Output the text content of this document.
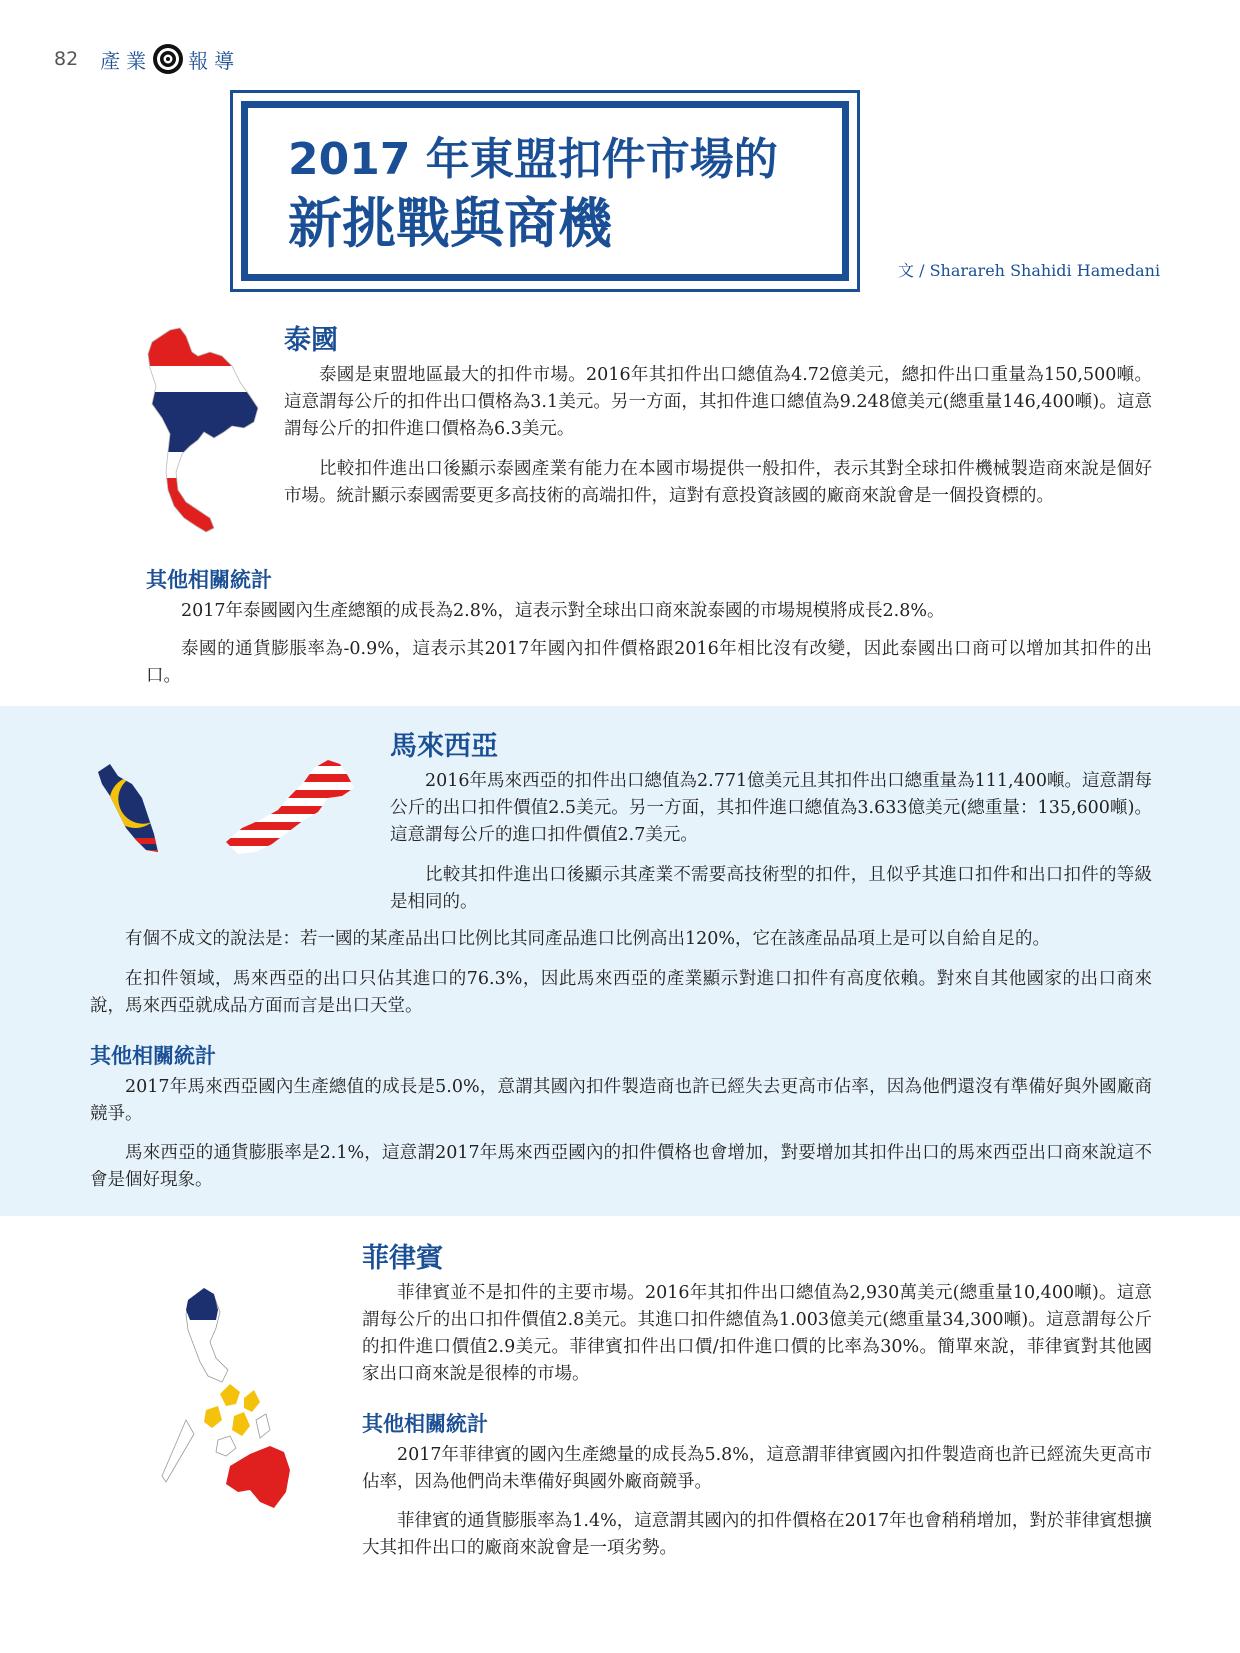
82 產業 報導
2017 年東盟扣件市場的
新挑戰與商機
文 / Sharareh Shahidi Hamedani
泰國

泰國是東盟地區最大的扣件市場。2016年其扣件出口總值為4.72億美元，總扣件出口重量為150,500噸。這意謂每公斤的扣件出口價格為3.1美元。另一方面，其扣件進口總值為9.248億美元(總重量146,400噸)。這意謂每公斤的扣件進口價格為6.3美元。

比較扣件進出口後顯示泰國產業有能力在本國市場提供一般扣件，表示其對全球扣件機械製造商來說是個好市場。統計顯示泰國需要更多高技術的高端扣件，這對有意投資該國的廠商來說會是一個投資標的。

其他相關統計

2017年泰國國內生產總額的成長為2.8%，這表示對全球出口商來說泰國的市場規模將成長2.8%。

泰國的通貨膨脹率為-0.9%，這表示其2017年國內扣件價格跟2016年相比沒有改變，因此泰國出口商可以增加其扣件的出口。

馬來西亞

2016年馬來西亞的扣件出口總值為2.771億美元且其扣件出口總重量為111,400噸。這意謂每公斤的出口扣件價值2.5美元。另一方面，其扣件進口總值為3.633億美元(總重量：135,600噸)。這意謂每公斤的進口扣件價值2.7美元。

比較其扣件進出口後顯示其產業不需要高技術型的扣件，且似乎其進口扣件和出口扣件的等級是相同的。

有個不成文的說法是：若一國的某產品出口比例比其同產品進口比例高出120%，它在該產品品項上是可以自給自足的。

在扣件領域，馬來西亞的出口只佔其進口的76.3%，因此馬來西亞的產業顯示對進口扣件有高度依賴。對來自其他國家的出口商來說，馬來西亞就成品方面而言是出口天堂。

其他相關統計

2017年馬來西亞國內生產總值的成長是5.0%，意謂其國內扣件製造商也許已經失去更高市佔率，因為他們還沒有準備好與外國廠商競爭。

馬來西亞的通貨膨脹率是2.1%，這意謂2017年馬來西亞國內的扣件價格也會增加，對要增加其扣件出口的馬來西亞出口商來說這不會是個好現象。

菲律賓

菲律賓並不是扣件的主要市場。2016年其扣件出口總值為2,930萬美元(總重量10,400噸)。這意謂每公斤的出口扣件價值2.8美元。其進口扣件總值為1.003億美元(總重量34,300噸)。這意謂每公斤的扣件進口價值2.9美元。菲律賓扣件出口價/扣件進口價的比率為30%。簡單來說，菲律賓對其他國家出口商來說是很棒的市場。

其他相關統計

2017年菲律賓的國內生產總量的成長為5.8%，這意謂菲律賓國內扣件製造商也許已經流失更高市佔率，因為他們尚未準備好與國外廠商競爭。

菲律賓的通貨膨脹率為1.4%，這意謂其國內的扣件價格在2017年也會稍稍增加，對於菲律賓想擴大其扣件出口的廠商來說會是一項劣勢。
